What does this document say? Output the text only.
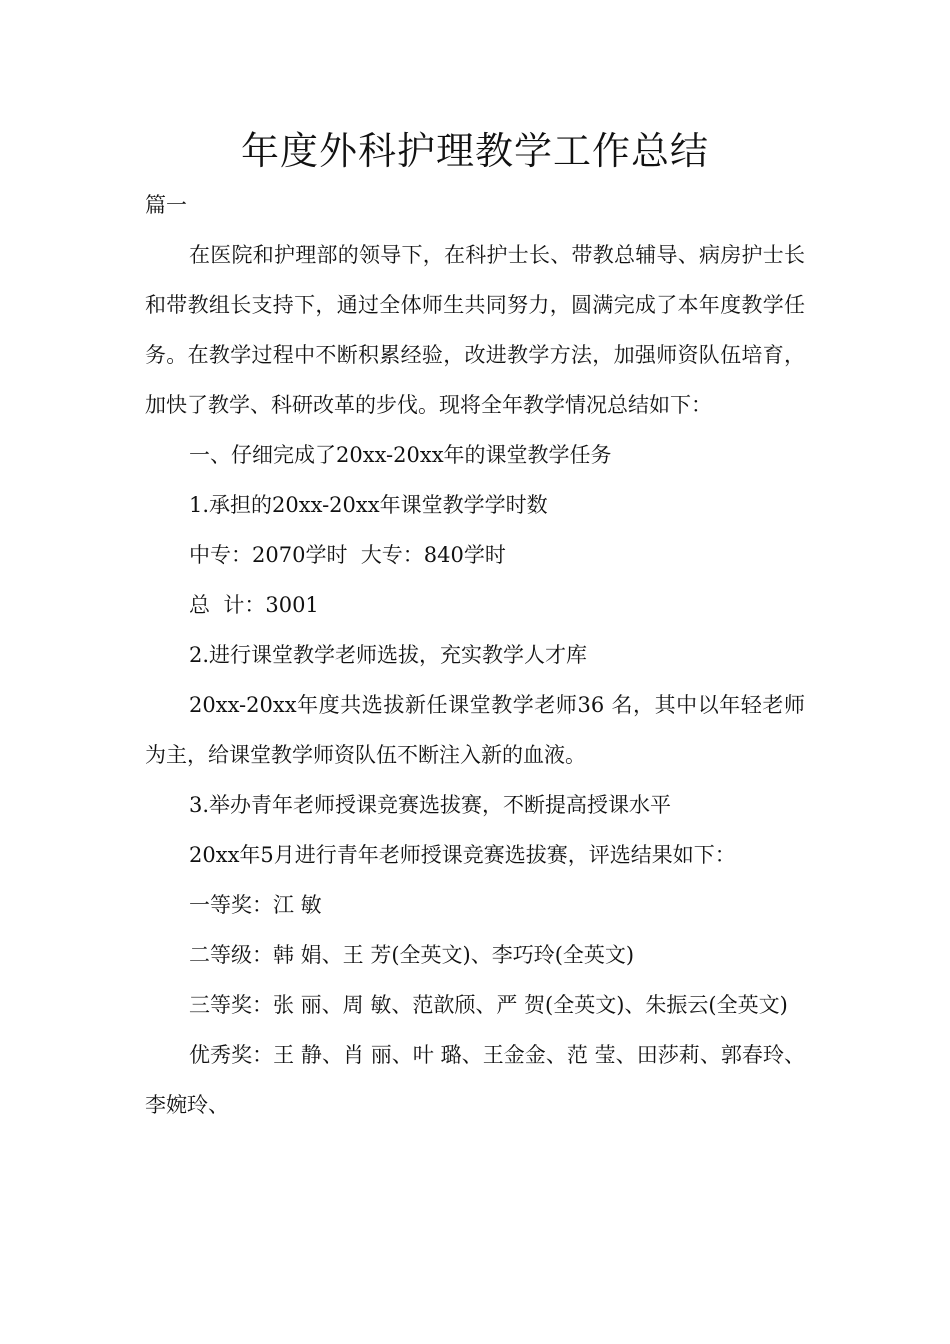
年度外科护理教学工作总结

篇一

在医院和护理部的领导下，在科护士长、带教总辅导、病房护士长和带教组长支持下，通过全体师生共同努力，圆满完成了本年度教学任务。在教学过程中不断积累经验，改进教学方法，加强师资队伍培育，加快了教学、科研改革的步伐。现将全年教学情况总结如下：

一、仔细完成了20xx-20xx年的课堂教学任务

1.承担的20xx-20xx年课堂教学学时数

中专：2070学时  大专：840学时

总  计：3001

2.进行课堂教学老师选拔，充实教学人才库

20xx-20xx年度共选拔新任课堂教学老师36 名，其中以年轻老师为主，给课堂教学师资队伍不断注入新的血液。

3.举办青年老师授课竞赛选拔赛，不断提高授课水平

20xx年5月进行青年老师授课竞赛选拔赛，评选结果如下：

一等奖：江 敏

二等级：韩 娟、王 芳(全英文)、李巧玲(全英文)

三等奖：张 丽、周 敏、范歆颀、严 贺(全英文)、朱振云(全英文)

优秀奖：王 静、肖 丽、叶 璐、王金金、范 莹、田莎莉、郭春玲、李婉玲、
